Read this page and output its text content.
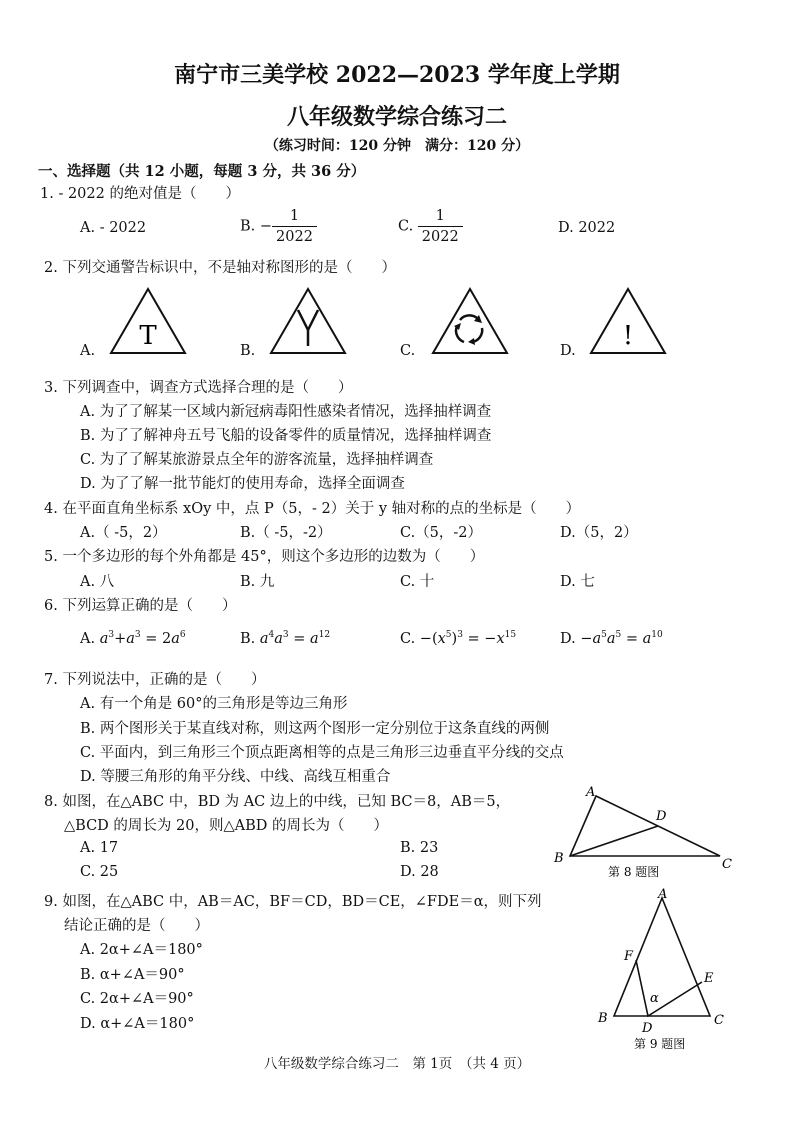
南宁市三美学校 2022—2023 学年度上学期
八年级数学综合练习二
（练习时间：120 分钟　满分：120 分）
一、选择题（共 12 小题，每题 3 分，共 36 分）
1. - 2022 的绝对值是（　　）
A. - 2022	B. − $\frac{1}{2022}$	C. $\frac{1}{2022}$	D. 2022
2. 下列交通警告标识中，不是轴对称图形的是（　　）
A. T	B.	C.	D. !
3. 下列调查中，调查方式选择合理的是（　　）
A. 为了了解某一区域内新冠病毒阳性感染者情况，选择抽样调查
B. 为了了解神舟五号飞船的设备零件的质量情况，选择抽样调查
C. 为了了解某旅游景点全年的游客流量，选择抽样调查
D. 为了了解一批节能灯的使用寿命，选择全面调查
4. 在平面直角坐标系 xOy 中，点 P（5，- 2）关于 y 轴对称的点的坐标是（　　）
A.（ -5，2）	B.（ -5，-2）	C.（5，-2）	D.（5，2）
5. 一个多边形的每个外角都是 45°，则这个多边形的边数为（　　）
A. 八	B. 九	C. 十	D. 七
6. 下列运算正确的是（　　）
A. $a^3+a^3 = 2a^6$	B. $a^4a^3 = a^{12}$	C. $-(x^5)^3 = -x^{15}$	D. $-a^5a^5 = a^{10}$
7. 下列说法中，正确的是（　　）
A. 有一个角是 60°的三角形是等边三角形
B. 两个图形关于某直线对称，则这两个图形一定分别位于这条直线的两侧
C. 平面内，到三角形三个顶点距离相等的点是三角形三边垂直平分线的交点
D. 等腰三角形的角平分线、中线、高线互相重合
8. 如图，在△ABC 中，BD 为 AC 边上的中线，已知 BC＝8，AB＝5，
△BCD 的周长为 20，则△ABD 的周长为（　　）
A. 17	B. 23
C. 25	D. 28
A
B	C
D
第 8 题图
9. 如图，在△ABC 中，AB＝AC，BF＝CD，BD＝CE，∠FDE＝α，则下列
结论正确的是（　　）
A. 2α+∠A＝180°
B. α+∠A＝90°
C. 2α+∠A＝90°
D. α+∠A＝180°
A
B	C
D
E
F
α
第 9 题图
八年级数学综合练习二　第 1页　（共 4 页）
